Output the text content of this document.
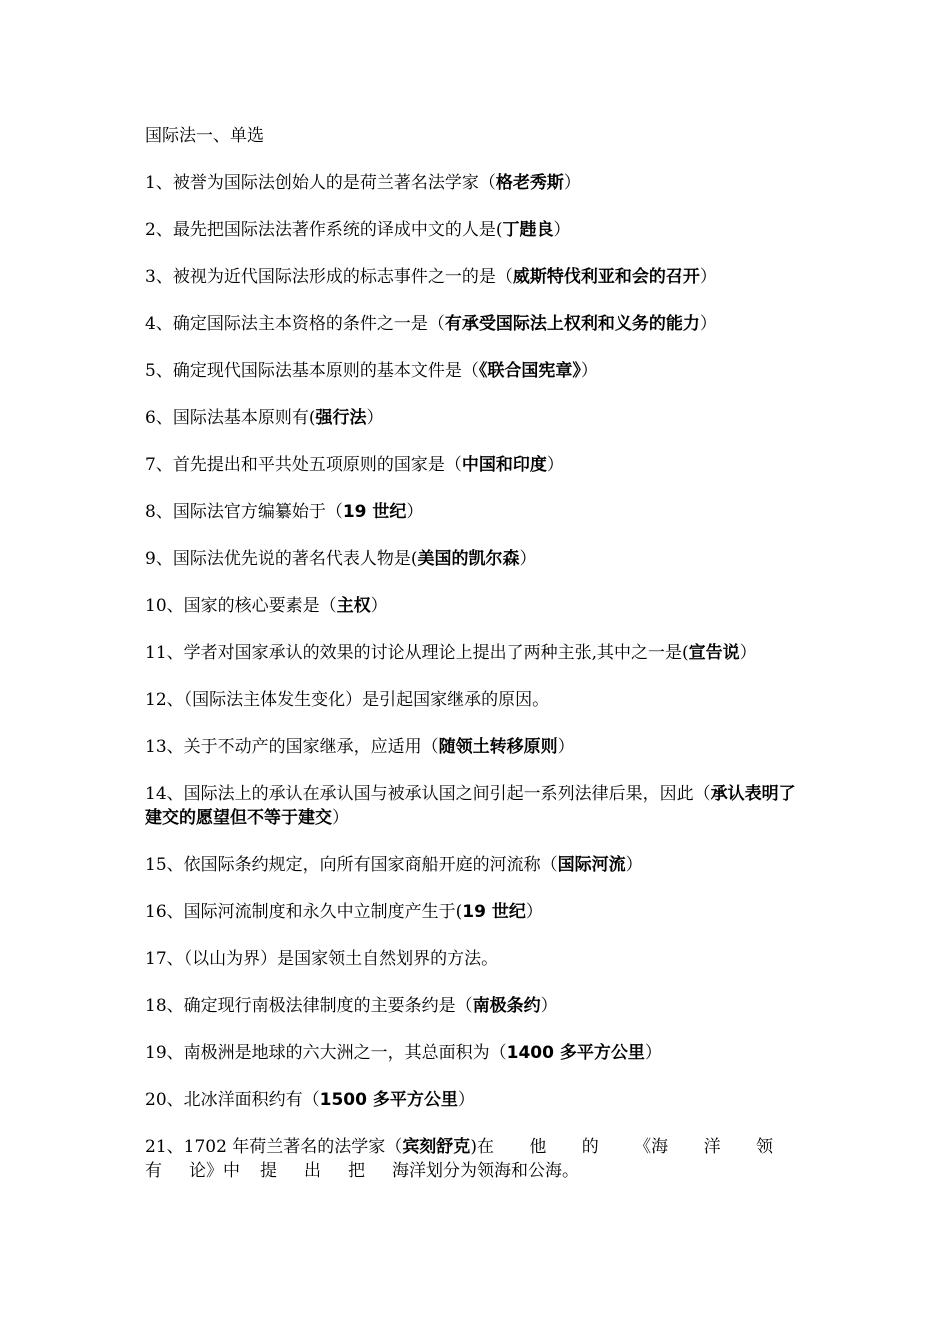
国际法一、单选
1、被誉为国际法创始人的是荷兰著名法学家（格老秀斯）
2、最先把国际法法著作系统的译成中文的人是(丁韪良）
3、被视为近代国际法形成的标志事件之一的是（威斯特伐利亚和会的召开）
4、确定国际法主本资格的条件之一是（有承受国际法上权利和义务的能力）
5、确定现代国际法基本原则的基本文件是（《联合国宪章》）
6、国际法基本原则有(强行法）
7、首先提出和平共处五项原则的国家是（中国和印度）
8、国际法官方编纂始于（19 世纪）
9、国际法优先说的著名代表人物是(美国的凯尔森）
10、国家的核心要素是（主权）
11、学者对国家承认的效果的讨论从理论上提出了两种主张,其中之一是(宣告说）
12、（国际法主体发生变化）是引起国家继承的原因。
13、关于不动产的国家继承，应适用（随领土转移原则）
14、国际法上的承认在承认国与被承认国之间引起一系列法律后果，因此（承认表明了建交的愿望但不等于建交）
15、依国际条约规定，向所有国家商船开庭的河流称（国际河流）
16、国际河流制度和永久中立制度产生于(19 世纪）
17、（以山为界）是国家领土自然划界的方法。
18、确定现行南极法律制度的主要条约是（南极条约）
19、南极洲是地球的六大洲之一，其总面积为（1400 多平方公里）
20、北冰洋面积约有（1500 多平方公里）
21、1702 年荷兰著名的法学家（宾刻舒克)在 他 的 《海 洋 领
有 论》中 提 出 把 海洋划分为领海和公海。
